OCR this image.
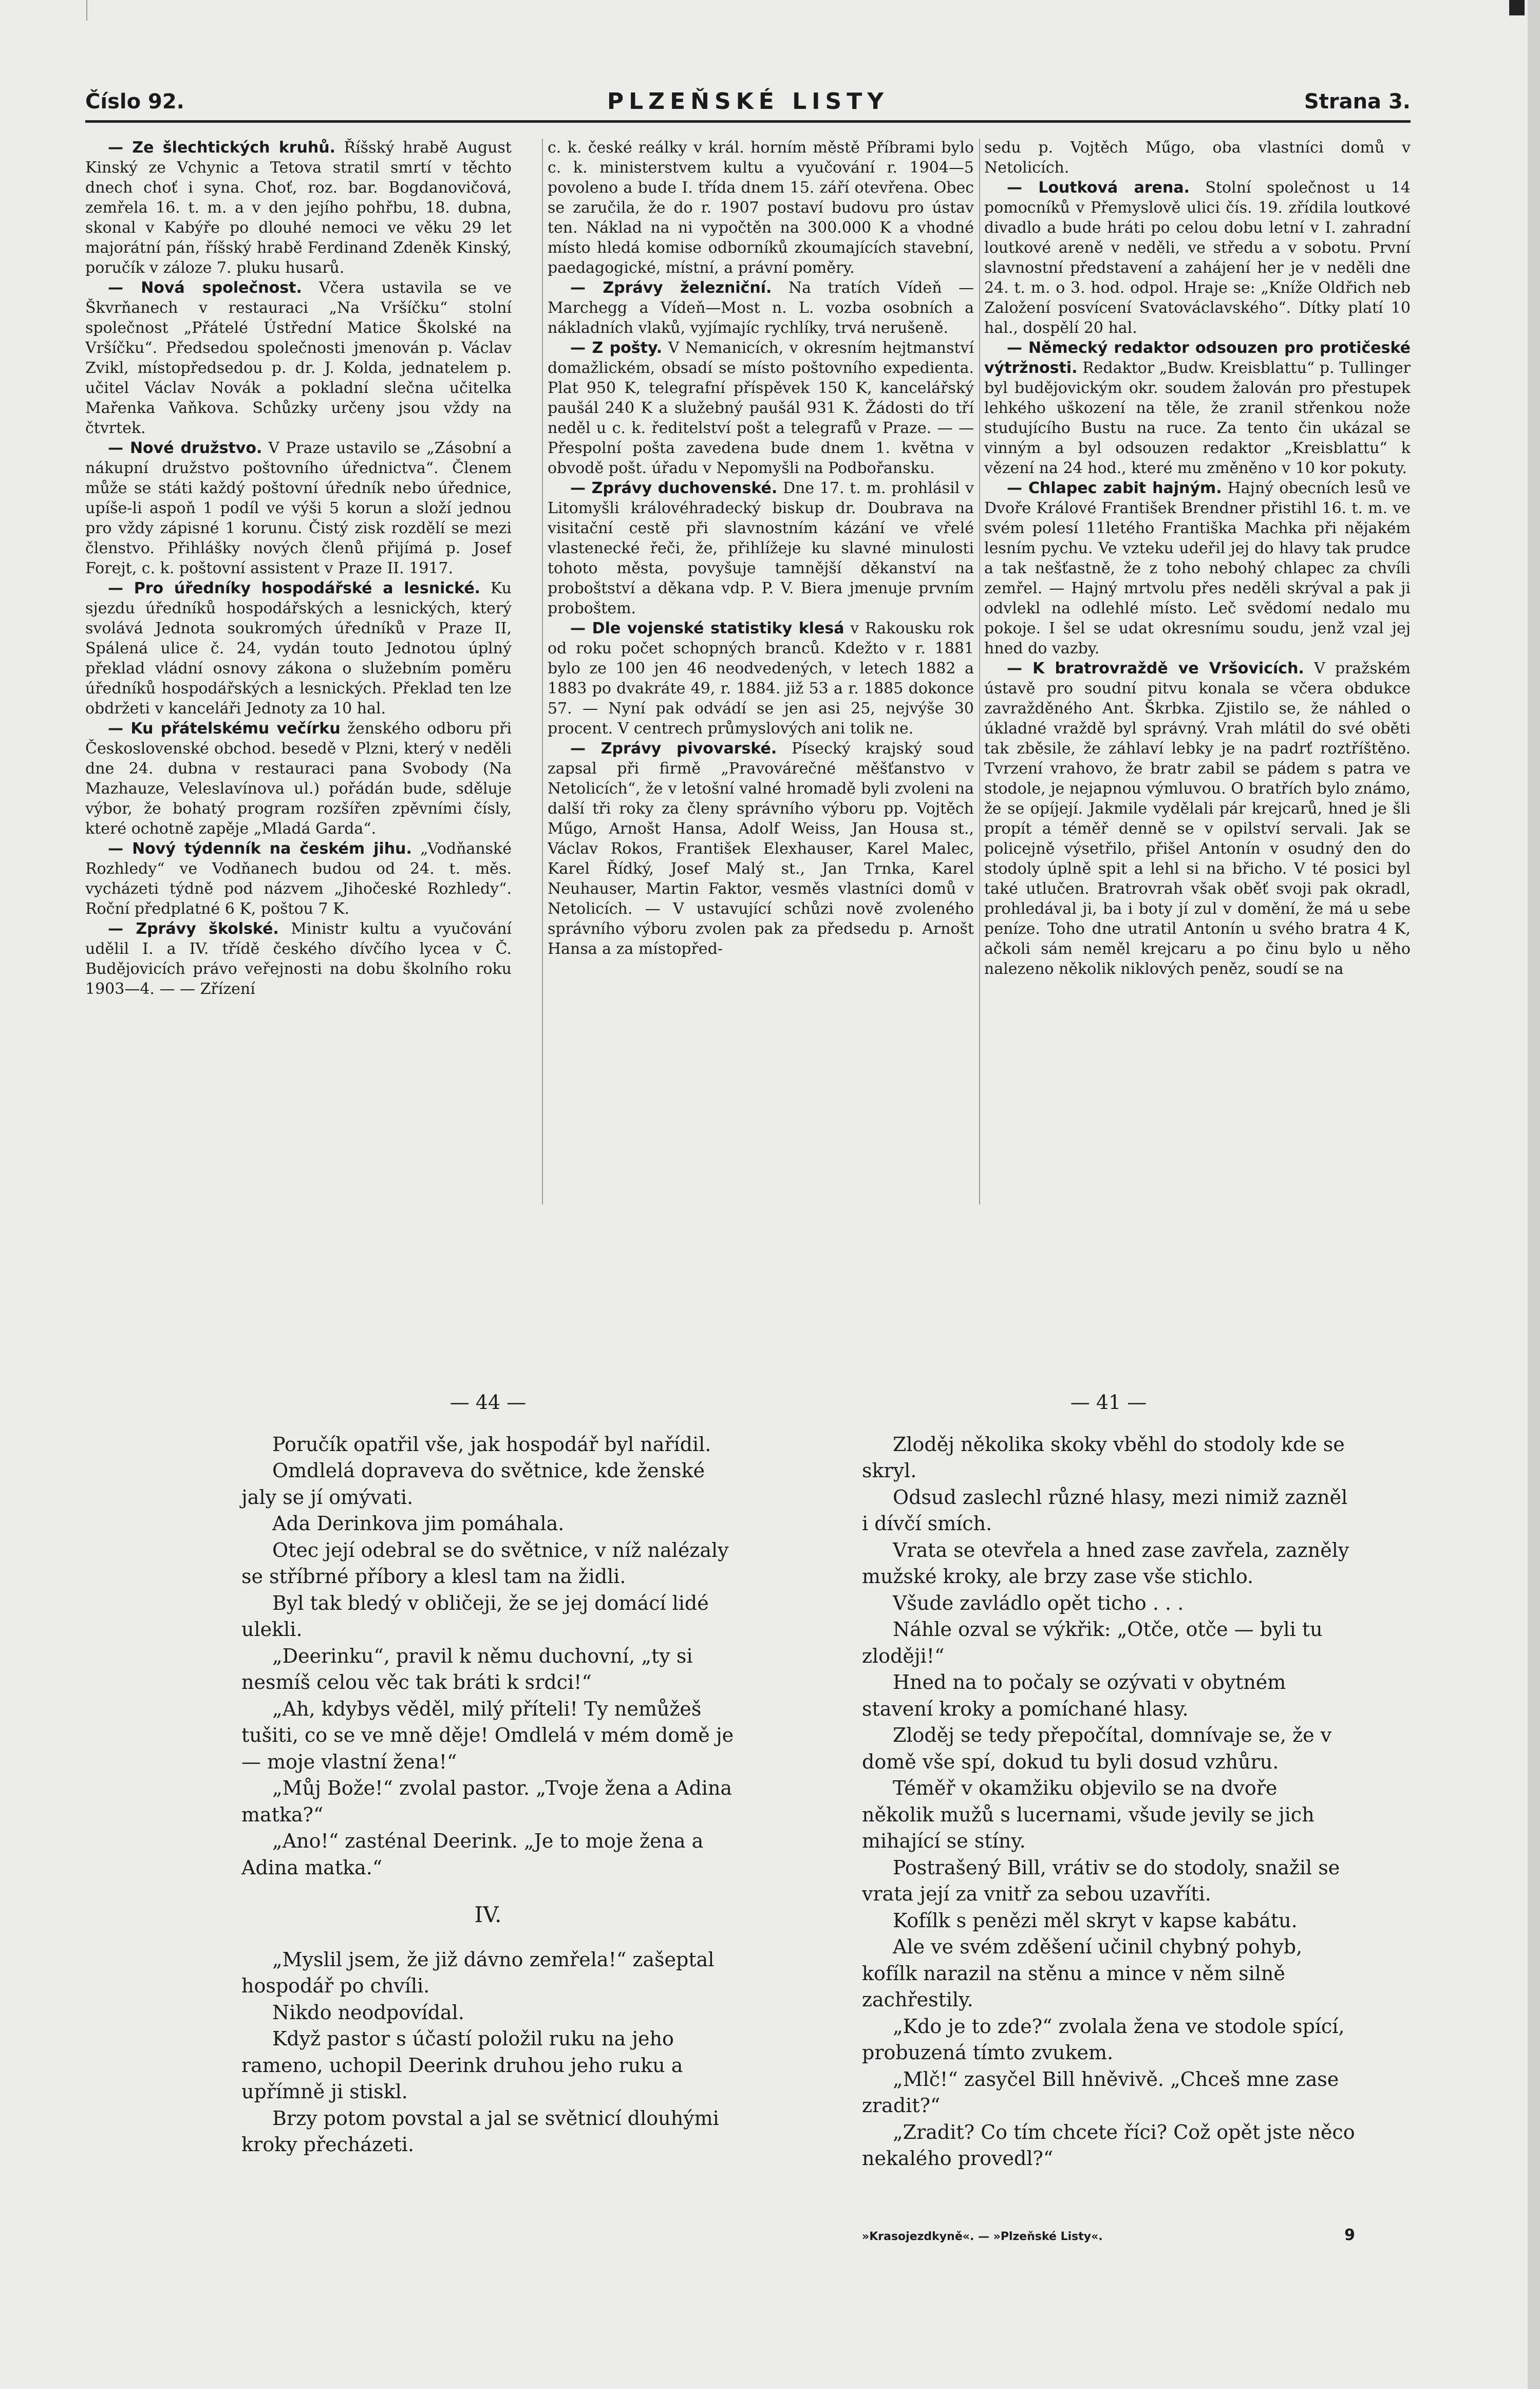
Číslo 92.	PLZEŇSKÉ LISTY	Strana 3.

— Ze šlechtických kruhů. Říšský hrabě August Kinský ze Vchynic a Tetova stratil smrtí v těchto dnech choť i syna. Choť, roz. bar. Bogdanovičová, zemřela 16. t. m. a v den jejího pohřbu, 18. dubna, skonal v Kabýře po dlouhé nemoci ve věku 29 let majorátní pán, říšský hrabě Ferdinand Zdeněk Kinský, poručík v záloze 7. pluku husarů.

— Nová společnost. Včera ustavila se ve Škvrňanech v restauraci „Na Vršíčku“ stolní společnost „Přátelé Ústřední Matice Školské na Vršíčku“. Předsedou společnosti jmenován p. Václav Zvikl, místopředsedou p. dr. J. Kolda, jednatelem p. učitel Václav Novák a pokladní slečna učitelka Mařenka Vaňkova. Schůzky určeny jsou vždy na čtvrtek.

— Nové družstvo. V Praze ustavilo se „Zásobní a nákupní družstvo poštovního úřednictva“. Členem může se státi každý poštovní úředník nebo úřednice, upíše-li aspoň 1 podíl ve výši 5 korun a složí jednou pro vždy zápisné 1 korunu. Čistý zisk rozdělí se mezi členstvo. Přihlášky nových členů přijímá p. Josef Forejt, c. k. poštovní assistent v Praze II. 1917.

— Pro úředníky hospodářské a lesnické. Ku sjezdu úředníků hospodářských a lesnických, který svolává Jednota soukromých úředníků v Praze II, Spálená ulice č. 24, vydán touto Jednotou úplný překlad vládní osnovy zákona o služebním poměru úředníků hospodářských a lesnických. Překlad ten lze obdržeti v kanceláři Jednoty za 10 hal.

— Ku přátelskému večírku ženského odboru při Československé obchod. besedě v Plzni, který v neděli dne 24. dubna v restauraci pana Svobody (Na Mazhauze, Veleslavínova ul.) pořádán bude, sděluje výbor, že bohatý program rozšířen zpěvními čísly, které ochotně zapěje „Mladá Garda“.

— Nový týdenník na českém jihu. „Vodňanské Rozhledy“ ve Vodňanech budou od 24. t. měs. vycházeti týdně pod názvem „Jihočeské Rozhledy“. Roční předplatné 6 K, poštou 7 K.

— Zprávy školské. Ministr kultu a vyučování udělil I. a IV. třídě českého dívčího lycea v Č. Budějovicích právo veřejnosti na dobu školního roku 1903—4. — — Zřízení

c. k. české reálky v král. horním městě Příbrami bylo c. k. ministerstvem kultu a vyučování r. 1904—5 povoleno a bude I. třída dnem 15. září otevřena. Obec se zaručila, že do r. 1907 postaví budovu pro ústav ten. Náklad na ni vypočtěn na 300.000 K a vhodné místo hledá komise odborníků zkoumajících stavební, paedagogické, místní, a právní poměry.

— Zprávy železniční. Na tratích Vídeň —Marchegg a Vídeň—Most n. L. vozba osobních a nákladních vlaků, vyjímajíc rychlíky, trvá nerušeně.

— Z pošty. V Nemanicích, v okresním hejtmanství domažlickém, obsadí se místo poštovního expedienta. Plat 950 K, telegrafní příspěvek 150 K, kancelářský paušál 240 K a služebný paušál 931 K. Žádosti do tří neděl u c. k. ředitelství pošt a telegrafů v Praze. — — Přespolní pošta zavedena bude dnem 1. května v obvodě pošt. úřadu v Nepomyšli na Podbořansku.

— Zprávy duchovenské. Dne 17. t. m. prohlásil v Litomyšli královéhradecký biskup dr. Doubrava na visitační cestě při slavnostním kázání ve vřelé vlastenecké řeči, že, přihlížeje ku slavné minulosti tohoto města, povyšuje tamnější děkanství na proboštství a děkana vdp. P. V. Biera jmenuje prvním proboštem.

— Dle vojenské statistiky klesá v Rakousku rok od roku počet schopných branců. Kdežto v r. 1881 bylo ze 100 jen 46 neodvedených, v letech 1882 a 1883 po dvakráte 49, r. 1884. již 53 a r. 1885 dokonce 57. — Nyní pak odvádí se jen asi 25, nejvýše 30 procent. V centrech průmyslových ani tolik ne.

— Zprávy pivovarské. Písecký krajský soud zapsal při firmě „Pravovárečné měšťanstvo v Netolicích“, že v letošní valné hromadě byli zvoleni na další tři roky za členy správního výboru pp. Vojtěch Műgo, Arnošt Hansa, Adolf Weiss, Jan Housa st., Václav Rokos, František Elexhauser, Karel Malec, Karel Řídký, Josef Malý st., Jan Trnka, Karel Neuhauser, Martin Faktor, vesměs vlastníci domů v Netolicích. — V ustavující schůzi nově zvoleného správního výboru zvolen pak za předsedu p. Arnošt Hansa a za místopřed-

sedu p. Vojtěch Műgo, oba vlastníci domů v Netolicích.

— Loutková arena. Stolní společnost u 14 pomocníků v Přemyslově ulici čís. 19. zřídila loutkové divadlo a bude hráti po celou dobu letní v I. zahradní loutkové areně v neděli, ve středu a v sobotu. První slavnostní představení a zahájení her je v neděli dne 24. t. m. o 3. hod. odpol. Hraje se: „Kníže Oldřich neb Založení posvícení Svatováclavského“. Dítky platí 10 hal., dospělí 20 hal.

— Německý redaktor odsouzen pro protičeské výtržnosti. Redaktor „Budw. Kreisblattu“ p. Tullinger byl budějovickým okr. soudem žalován pro přestupek lehkého uškození na těle, že zranil střenkou nože studujícího Bustu na ruce. Za tento čin ukázal se vinným a byl odsouzen redaktor „Kreisblattu“ k vězení na 24 hod., které mu změněno v 10 kor pokuty.

— Chlapec zabit hajným. Hajný obecních lesů ve Dvoře Králové František Brendner přistihl 16. t. m. ve svém polesí 11letého Františka Machka při nějakém lesním pychu. Ve vzteku udeřil jej do hlavy tak prudce a tak nešťastně, že z toho nebohý chlapec za chvíli zemřel. — Hajný mrtvolu přes neděli skrýval a pak ji odvlekl na odlehlé místo. Leč svědomí nedalo mu pokoje. I šel se udat okresnímu soudu, jenž vzal jej hned do vazby.

— K bratrovraždě ve Vršovicích. V pražském ústavě pro soudní pitvu konala se včera obdukce zavražděného Ant. Škrbka. Zjistilo se, že náhled o úkladné vraždě byl správný. Vrah mlátil do své oběti tak zběsile, že záhlaví lebky je na padrť roztříštěno. Tvrzení vrahovo, že bratr zabil se pádem s patra ve stodole, je nejapnou výmluvou. O bratřích bylo známo, že se opíjejí. Jakmile vydělali pár krejcarů, hned je šli propít a téměř denně se v opilství servali. Jak se policejně výsetřilo, přišel Antonín v osudný den do stodoly úplně spit a lehl si na břicho. V té posici byl také utlučen. Bratrovrah však oběť svoji pak okradl, prohledával ji, ba i boty jí zul v domění, že má u sebe peníze. Toho dne utratil Antonín u svého bratra 4 K, ačkoli sám neměl krejcaru a po činu bylo u něho nalezeno několik niklových peněz, soudí se na

— 44 —

Poručík opatřil vše, jak hospodář byl nařídil.

Omdlelá dopraveva do světnice, kde ženské jaly se jí omývati.

Ada Derinkova jim pomáhala.

Otec její odebral se do světnice, v níž nalézaly se stříbrné příbory a klesl tam na židli.

Byl tak bledý v obličeji, že se jej domácí lidé ulekli.

„Deerinku“, pravil k němu duchovní, „ty si nesmíš celou věc tak bráti k srdci!“

„Ah, kdybys věděl, milý příteli! Ty nemůžeš tušiti, co se ve mně děje! Omdlelá v mém domě je — moje vlastní žena!“

„Můj Bože!“ zvolal pastor. „Tvoje žena a Adina matka?“

„Ano!“ zasténal Deerink. „Je to moje žena a Adina matka.“

IV.

„Myslil jsem, že již dávno zemřela!“ zašeptal hospodář po chvíli.

Nikdo neodpovídal.

Když pastor s účastí položil ruku na jeho rameno, uchopil Deerink druhou jeho ruku a upřímně ji stiskl.

Brzy potom povstal a jal se světnicí dlouhými kroky přecházeti.

— 41 —

Zloděj několika skoky vběhl do stodoly kde se skryl.

Odsud zaslechl různé hlasy, mezi nimiž zazněl i dívčí smích.

Vrata se otevřela a hned zase zavřela, zazněly mužské kroky, ale brzy zase vše stichlo.

Všude zavládlo opět ticho . . .

Náhle ozval se výkřik: „Otče, otče — byli tu zloději!“

Hned na to počaly se ozývati v obytném stavení kroky a pomíchané hlasy.

Zloděj se tedy přepočítal, domnívaje se, že v domě vše spí, dokud tu byli dosud vzhůru.

Téměř v okamžiku objevilo se na dvoře několik mužů s lucernami, všude jevily se jich mihající se stíny.

Postrašený Bill, vrátiv se do stodoly, snažil se vrata její za vnitř za sebou uzavříti.

Kofílk s penězi měl skryt v kapse kabátu.

Ale ve svém zděšení učinil chybný pohyb, kofílk narazil na stěnu a mince v něm silně zachřestily.

„Kdo je to zde?“ zvolala žena ve stodole spící, probuzená tímto zvukem.

„Mlč!“ zasyčel Bill hněvivě. „Chceš mne zase zradit?“

„Zradit? Co tím chcete říci? Což opět jste něco nekalého provedl?“

»Krasojezdkyně«. — »Plzeňské Listy«.	9
